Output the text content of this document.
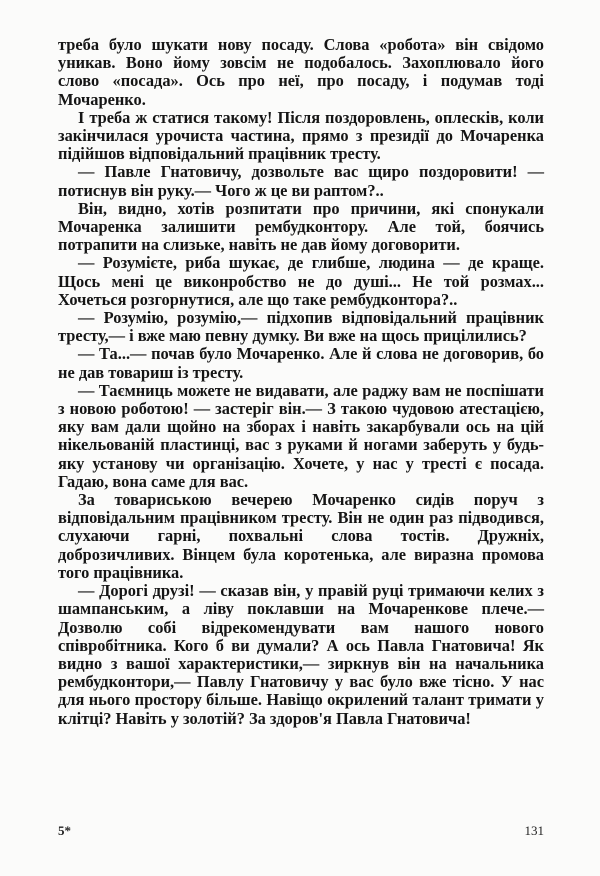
треба було шукати нову посаду. Слова «робота» він свідомо уникав. Воно йому зовсім не подобалось. Захоплювало його слово «посада». Ось про неї, про посаду, і подумав тоді Мочаренко.

І треба ж статися такому! Після поздоровлень, оплесків, коли закінчилася урочиста частина, прямо з президії до Мочаренка підійшов відповідальний працівник тресту.

— Павле Гнатовичу, дозвольте вас щиро поздоровити! — потиснув він руку.— Чого ж це ви раптом?..

Він, видно, хотів розпитати про причини, які спонукали Мочаренка залишити рембудконтору. Але той, боячись потрапити на слизьке, навіть не дав йому договорити.

— Розумієте, риба шукає, де глибше, людина — де краще. Щось мені це виконробство не до душі... Не той розмах... Хочеться розгорнутися, але що таке рембудконтора?..

— Розумію, розумію,— підхопив відповідальний працівник тресту,— і вже маю певну думку. Ви вже на щось прицілились?

— Та...— почав було Мочаренко. Але й слова не договорив, бо не дав товариш із тресту.

— Таємниць можете не видавати, але раджу вам не поспішати з новою роботою! — застеріг він.— З такою чудовою атестацією, яку вам дали щойно на зборах і навіть закарбували ось на цій нікельованій пластинці, вас з руками й ногами заберуть у будь-яку установу чи організацію. Хочете, у нас у тресті є посада. Гадаю, вона саме для вас.

За товариською вечерею Мочаренко сидів поруч з відповідальним працівником тресту. Він не один раз підводився, слухаючи гарні, похвальні слова тостів. Дружніх, доброзичливих. Вінцем була коротенька, але виразна промова того працівника.

— Дорогі друзі! — сказав він, у правій руці тримаючи келих з шампанським, а ліву поклавши на Мочаренкове плече.— Дозволю собі відрекомендувати вам нашого нового співробітника. Кого б ви думали? А ось Павла Гнатовича! Як видно з вашої характеристики,— зиркнув він на начальника рембудконтори,— Павлу Гнатовичу у вас було вже тісно. У нас для нього простору більше. Навіщо окрилений талант тримати у клітці? Навіть у золотій? За здоров'я Павла Гнатовича!

5*	131
